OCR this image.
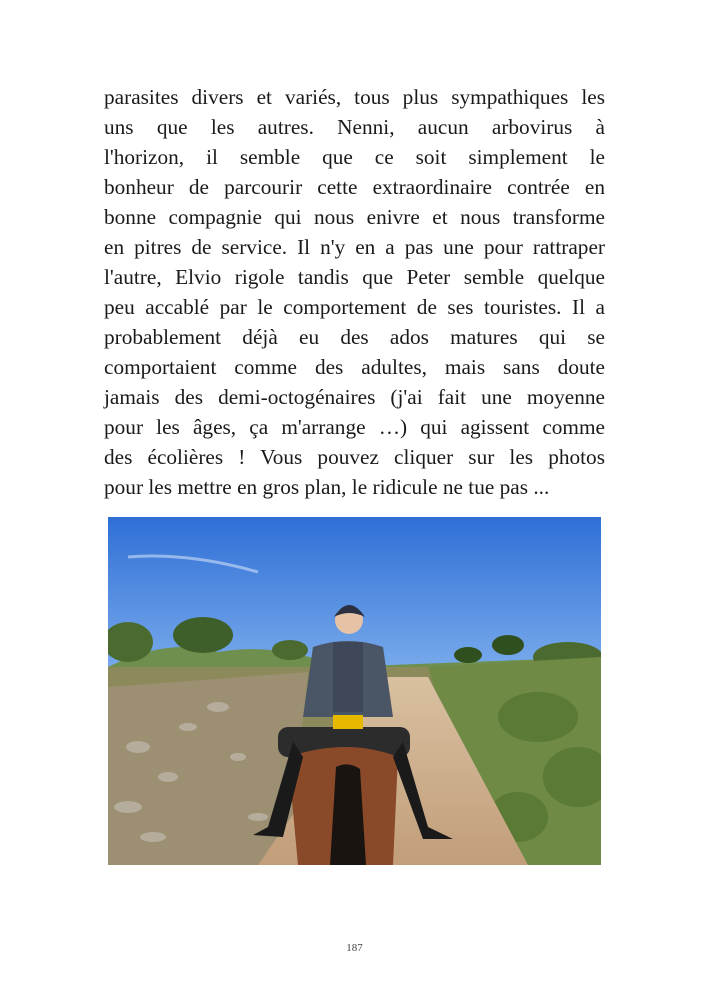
parasites divers et variés, tous plus sympathiques les
uns que les autres. Nenni, aucun arbovirus à
l'horizon, il semble que ce soit simplement le
bonheur de parcourir cette extraordinaire contrée en
bonne compagnie qui nous enivre et nous transforme
en pitres de service. Il n'y en a pas une pour rattraper
l'autre, Elvio rigole tandis que Peter semble quelque
peu accablé par le comportement de ses touristes. Il a
probablement déjà eu des ados matures qui se
comportaient comme des adultes, mais sans doute
jamais des demi-octogénaires (j'ai fait une moyenne
pour les âges, ça m'arrange …) qui agissent comme
des écolières ! Vous pouvez cliquer sur les photos
pour les mettre en gros plan, le ridicule ne tue pas ...
187
